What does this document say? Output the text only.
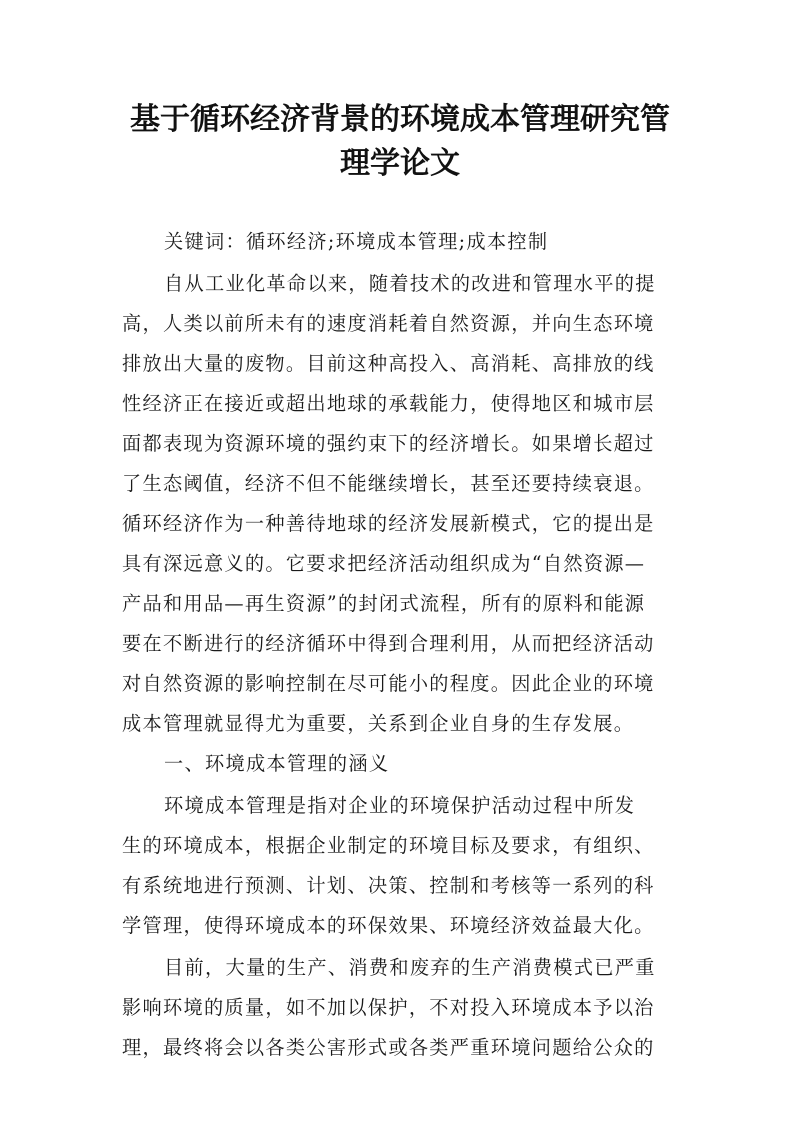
基于循环经济背景的环境成本管理研究管
理学论文
关键词：循环经济;环境成本管理;成本控制
自从工业化革命以来，随着技术的改进和管理水平的提
高，人类以前所未有的速度消耗着自然资源，并向生态环境
排放出大量的废物。目前这种高投入、高消耗、高排放的线
性经济正在接近或超出地球的承载能力，使得地区和城市层
面都表现为资源环境的强约束下的经济增长。如果增长超过
了生态阈值，经济不但不能继续增长，甚至还要持续衰退。
循环经济作为一种善待地球的经济发展新模式，它的提出是
具有深远意义的。它要求把经济活动组织成为“自然资源—
产品和用品—再生资源”的封闭式流程，所有的原料和能源
要在不断进行的经济循环中得到合理利用，从而把经济活动
对自然资源的影响控制在尽可能小的程度。因此企业的环境
成本管理就显得尤为重要，关系到企业自身的生存发展。
一、环境成本管理的涵义
环境成本管理是指对企业的环境保护活动过程中所发
生的环境成本，根据企业制定的环境目标及要求，有组织、
有系统地进行预测、计划、决策、控制和考核等一系列的科
学管理，使得环境成本的环保效果、环境经济效益最大化。
目前，大量的生产、消费和废弃的生产消费模式已严重
影响环境的质量，如不加以保护，不对投入环境成本予以治
理，最终将会以各类公害形式或各类严重环境问题给公众的
